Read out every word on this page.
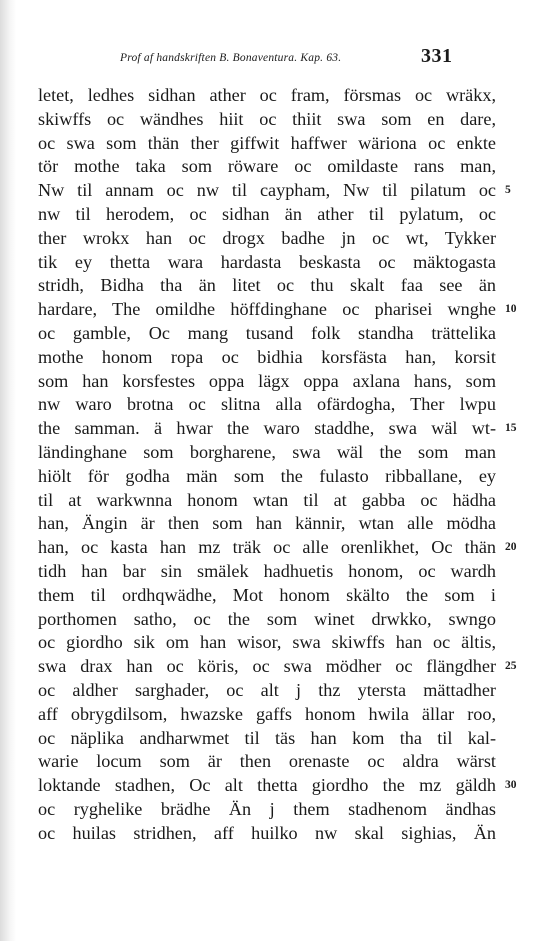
Prof af handskriften B. Bonaventura. Kap. 63.	331
letet, ledhes sidhan ather oc fram, försmas oc wräkx,
skiwffs oc wändhes hiit oc thiit swa som en dare,
oc swa som thän ther giffwit haffwer wäriona oc enkte
tör mothe taka som röware oc omildaste rans man,
Nw til annam oc nw til caypham, Nw til pilatum oc
nw til herodem, oc sidhan än ather til pylatum, oc
ther wrokx han oc drogx badhe jn oc wt, Tykker
tik ey thetta wara hardasta beskasta oc mäktogasta
stridh, Bidha tha än litet oc thu skalt faa see än
hardare, The omildhe höffdinghane oc pharisei wnghe
oc gamble, Oc mang tusand folk standha trättelika
mothe honom ropa oc bidhia korsfästa han, korsit
som han korsfestes oppa lägx oppa axlana hans, som
nw waro brotna oc slitna alla ofärdogha, Ther lwpu
the samman. ä hwar the waro staddhe, swa wäl wt-
ländinghane som borgharene, swa wäl the som man
hiölt för godha män som the fulasto ribballane, ey
til at warkwnna honom wtan til at gabba oc hädha
han, Ängin är then som han kännir, wtan alle mödha
han, oc kasta han mz träk oc alle orenlikhet, Oc thän
tidh han bar sin smälek hadhuetis honom, oc wardh
them til ordhqwädhe, Mot honom skälto the som i
porthomen satho, oc the som winet drwkko, swngo
oc giordho sik om han wisor, swa skiwffs han oc ältis,
swa drax han oc köris, oc swa mödher oc flängdher
oc aldher sarghader, oc alt j thz ytersta mättadher
aff obrygdilsom, hwazske gaffs honom hwila ällar roo,
oc näplika andharwmet til täs han kom tha til kal-
warie locum som är then orenaste oc aldra wärst
loktande stadhen, Oc alt thetta giordho the mz gäldh
oc ryghelike brädhe Än j them stadhenom ändhas
oc huilas stridhen, aff huilko nw skal sighias, Än
5
10
15
20
25
30
